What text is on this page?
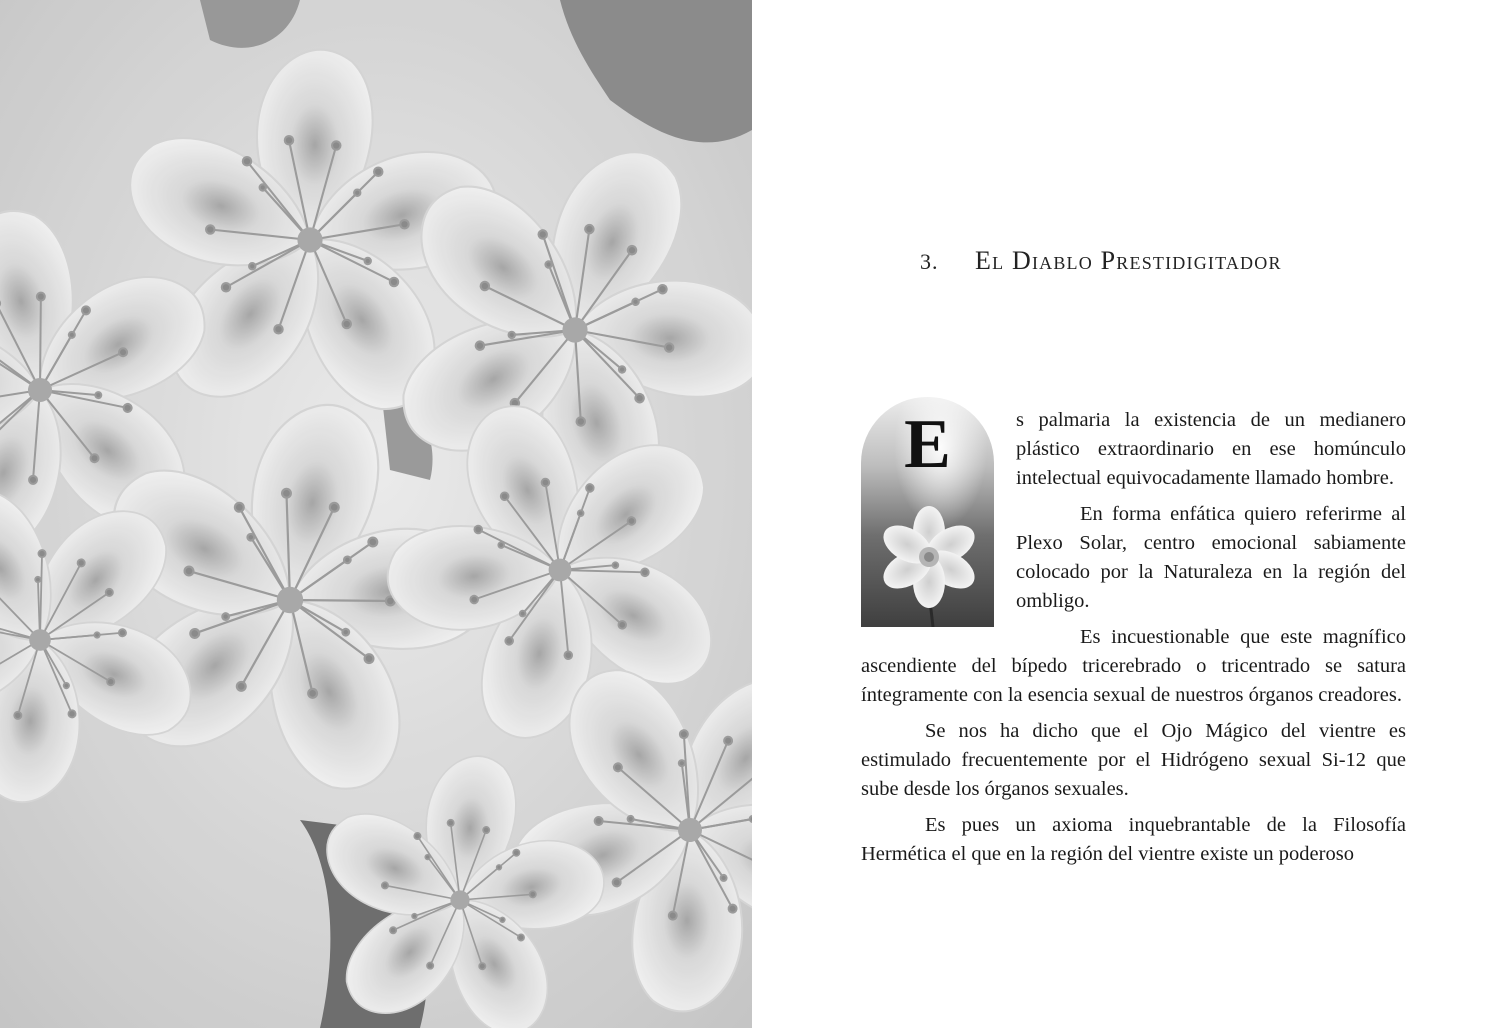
3. El Diablo Prestidigitador
E	s palmaria la existencia de un medianero plástico extraordinario en ese homúnculo intelectual equivocadamente llamado hombre.

En forma enfática quiero referirme al Plexo Solar, centro emocional sabiamente colocado por la Naturaleza en la región del ombligo.

Es incuestionable que este magnífico ascendiente del bípedo tricerebrado o tricentrado se satura íntegramente con la esencia sexual de nuestros órganos creadores.

Se nos ha dicho que el Ojo Mágico del vientre es estimulado frecuentemente por el Hidrógeno sexual Si-12 que sube desde los órganos sexuales.

Es pues un axioma inquebrantable de la Filosofía Hermética el que en la región del vientre existe un poderoso
